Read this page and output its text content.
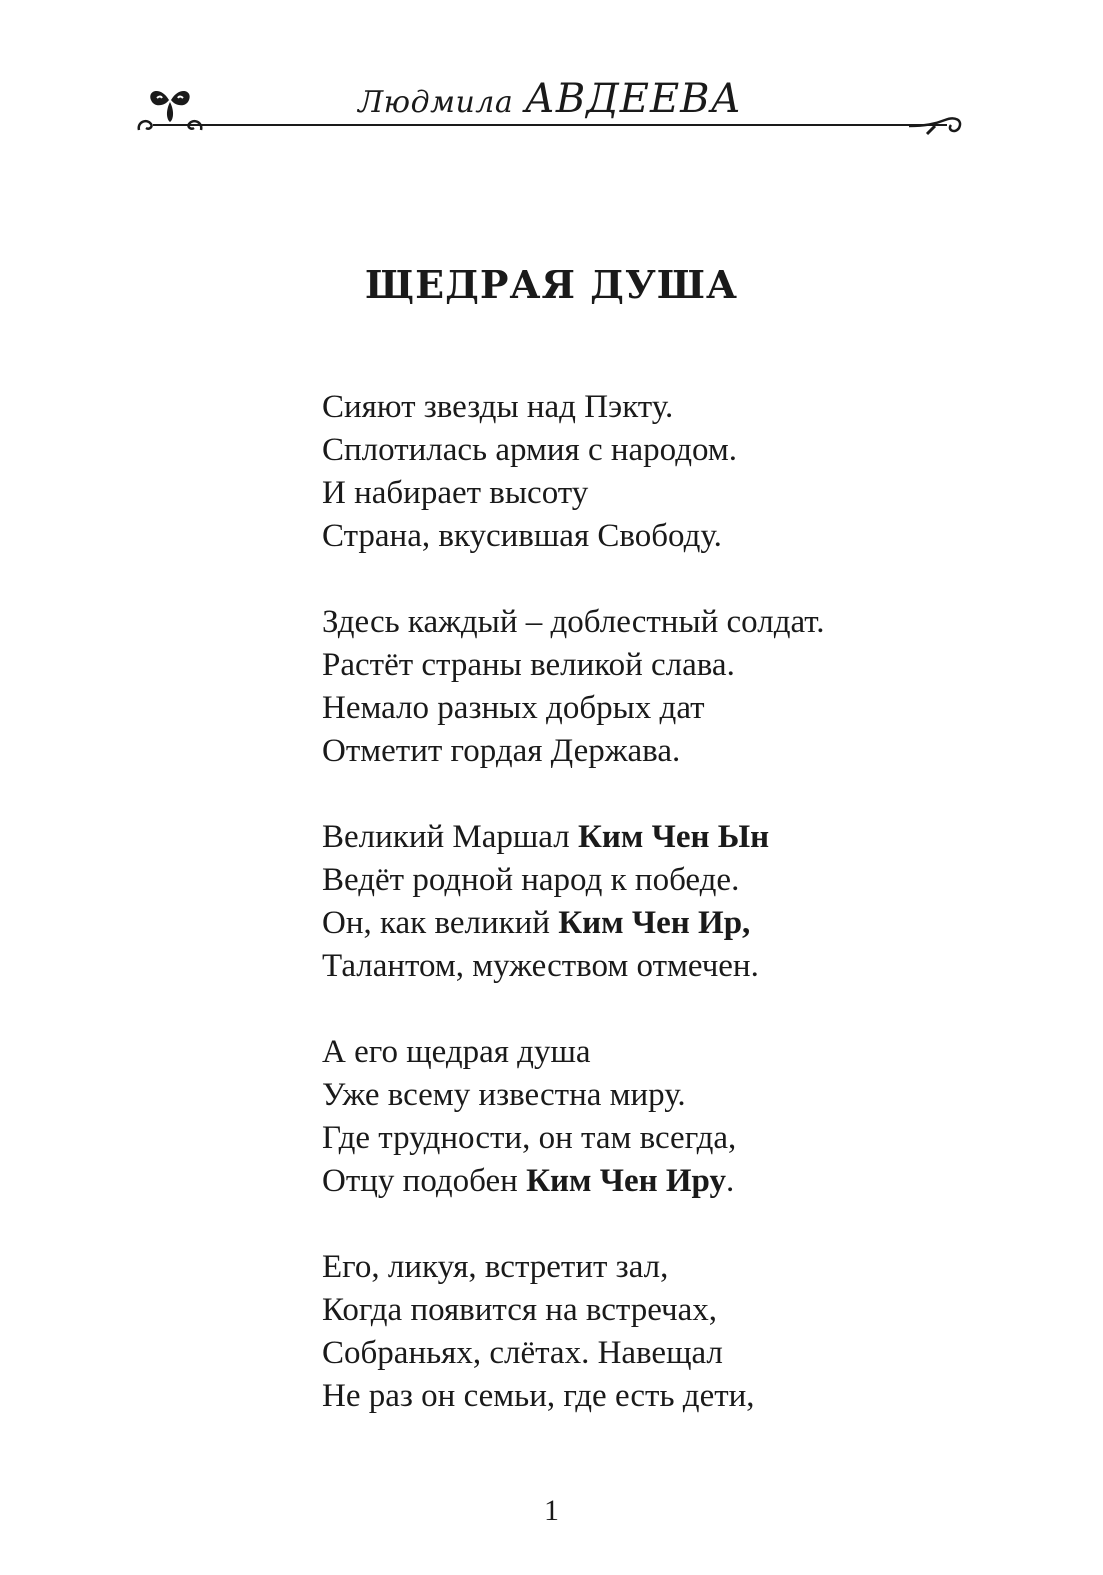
Людмила АВДЕЕВА
ЩЕДРАЯ ДУША
Сияют звезды над Пэкту.
Сплотилась армия с народом.
И набирает высоту
Страна, вкусившая Свободу.
Здесь каждый – доблестный солдат.
Растёт страны великой слава.
Немало разных добрых дат
Отметит гордая Держава.
Великий Маршал Ким Чен Ын
Ведёт родной народ к победе.
Он, как великий Ким Чен Ир,
Талантом, мужеством отмечен.
А его щедрая душа
Уже всему известна миру.
Где трудности, он там всегда,
Отцу подобен Ким Чен Иру.
Его, ликуя, встретит зал,
Когда появится на встречах,
Собраньях, слётах. Навещал
Не раз он семьи, где есть дети,
1
